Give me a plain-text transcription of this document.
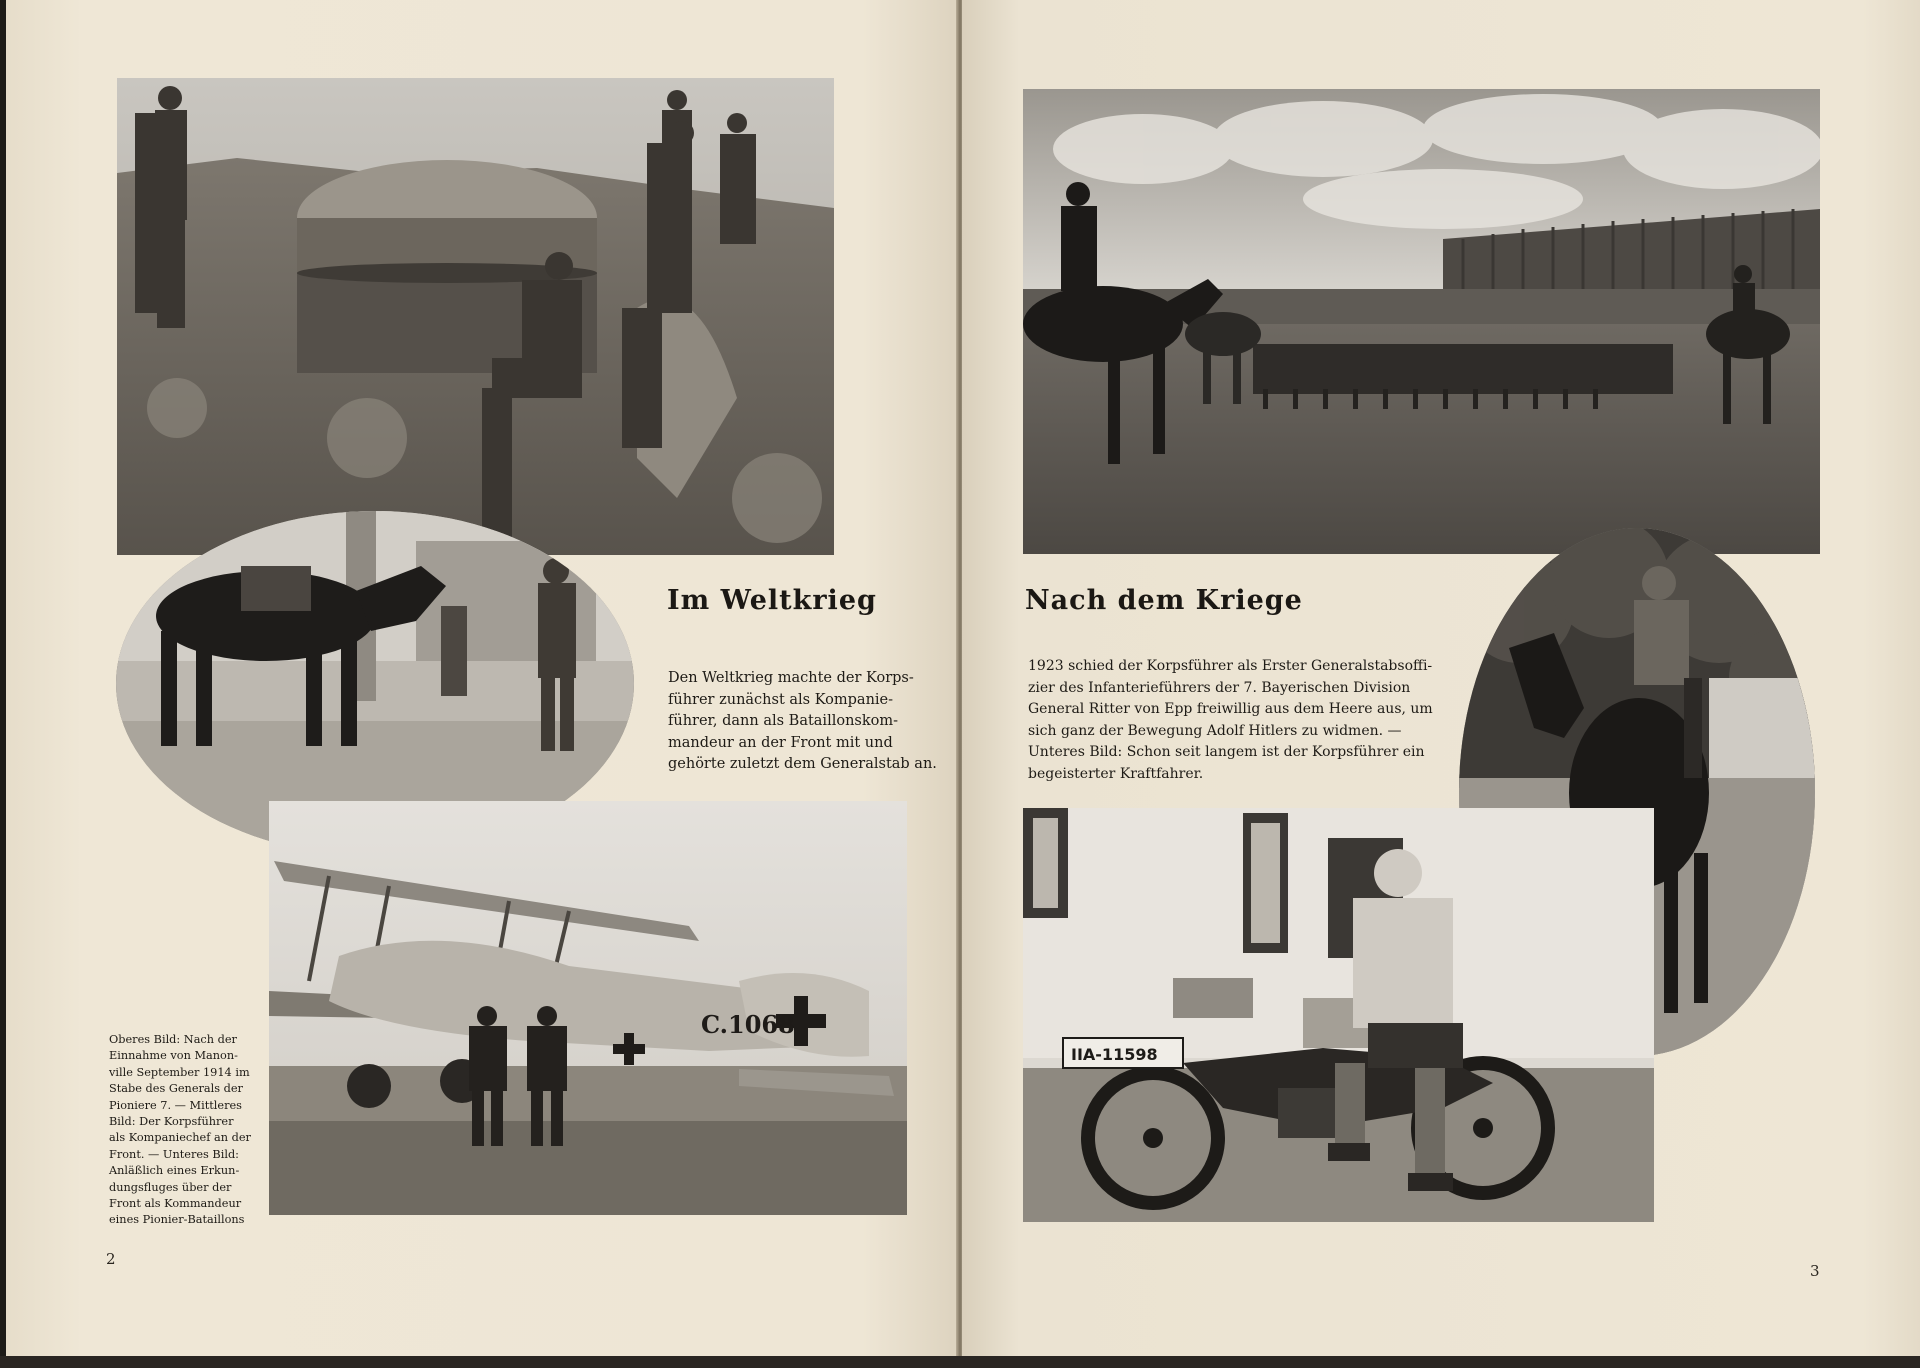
C.1068
Im Weltkrieg
Den Weltkrieg machte der Korps-
führer zunächst als Kompanie-
führer, dann als Bataillonskom-
mandeur an der Front mit und
gehörte zuletzt dem Generalstab an.
Oberes Bild: Nach der
Einnahme von Manon-
ville September 1914 im
Stabe des Generals der
Pioniere 7. — Mittleres
Bild: Der Korpsführer
als Kompaniechef an der
Front. — Unteres Bild:
Anläßlich eines Erkun-
dungsfluges über der
Front als Kommandeur
eines Pionier-Bataillons
2
IIA-11598
Nach dem Kriege
1923 schied der Korpsführer als Erster Generalstabsoffi-
zier des Infanterieführers der 7. Bayerischen Division
General Ritter von Epp freiwillig aus dem Heere aus, um
sich ganz der Bewegung Adolf Hitlers zu widmen. —
Unteres Bild: Schon seit langem ist der Korpsführer ein
begeisterter Kraftfahrer.
3
